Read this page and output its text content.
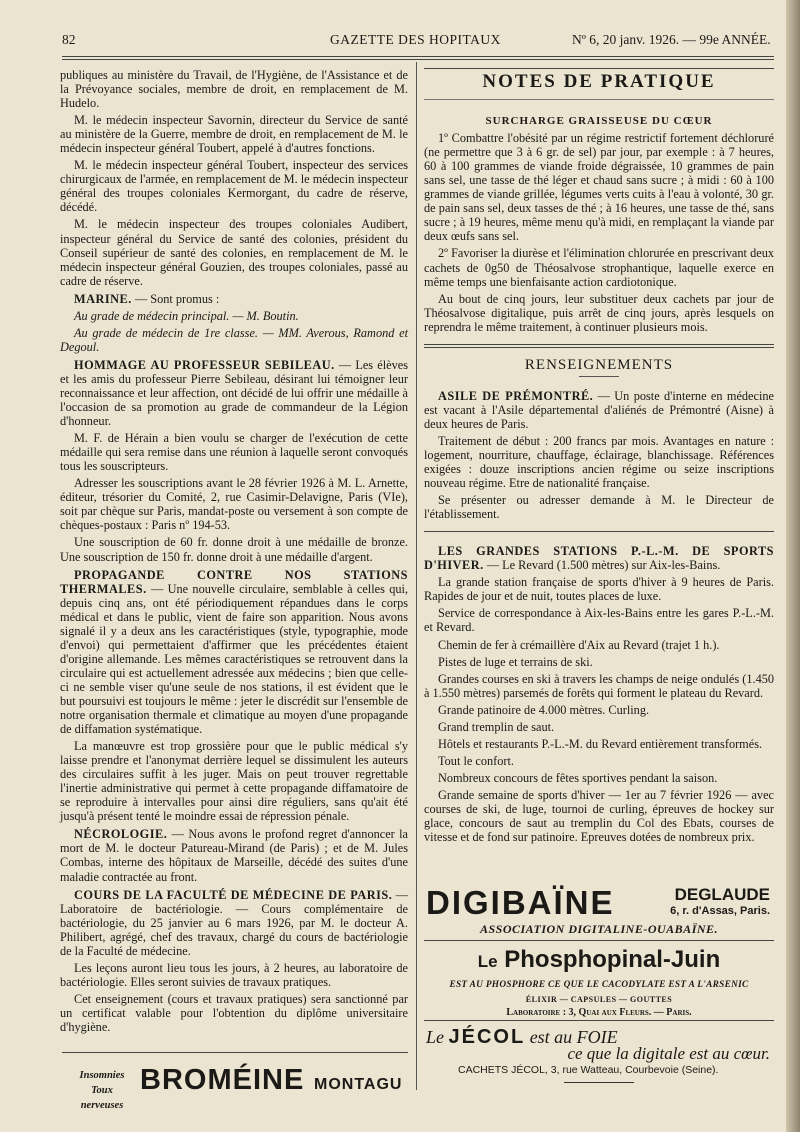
82	GAZETTE DES HOPITAUX	Nº 6, 20 janv. 1926. — 99e ANNÉE.

publiques au ministère du Travail, de l'Hygiène, de l'Assistance et de la Prévoyance sociales, membre de droit, en remplacement de M. Hudelo.

M. le médecin inspecteur Savornin, directeur du Service de santé au ministère de la Guerre, membre de droit, en remplacement de M. le médecin inspecteur général Toubert, appelé à d'autres fonctions.

M. le médecin inspecteur général Toubert, inspecteur des services chirurgicaux de l'armée, en remplacement de M. le médecin inspecteur général des troupes coloniales Kermorgant, du cadre de réserve, décédé.

M. le médecin inspecteur des troupes coloniales Audibert, inspecteur général du Service de santé des colonies, président du Conseil supérieur de santé des colonies, en remplacement de M. le médecin inspecteur général Gouzien, des troupes coloniales, passé au cadre de réserve.

MARINE. — Sont promus :

Au grade de médecin principal. — M. Boutin.

Au grade de médecin de 1re classe. — MM. Averous, Ramond et Degoul.

HOMMAGE AU PROFESSEUR SEBILEAU. — Les élèves et les amis du professeur Pierre Sebileau, désirant lui témoigner leur reconnaissance et leur affection, ont décidé de lui offrir une médaille à l'occasion de sa promotion au grade de commandeur de la Légion d'honneur.

M. F. de Hérain a bien voulu se charger de l'exécution de cette médaille qui sera remise dans une réunion à laquelle seront convoqués tous les souscripteurs.

Adresser les souscriptions avant le 28 février 1926 à M. L. Arnette, éditeur, trésorier du Comité, 2, rue Casimir-Delavigne, Paris (VIe), soit par chèque sur Paris, mandat-poste ou versement à son compte de chèques-postaux : Paris nº 194-53.

Une souscription de 60 fr. donne droit à une médaille de bronze. Une souscription de 150 fr. donne droit à une médaille d'argent.

PROPAGANDE CONTRE NOS STATIONS THERMALES. — Une nouvelle circulaire, semblable à celles qui, depuis cinq ans, ont été périodiquement répandues dans le corps médical et dans le public, vient de faire son apparition. Nous avons signalé il y a deux ans les caractéristiques (style, typographie, mode d'envoi) qui permettaient d'affirmer que les précédentes étaient d'origine allemande. Les mêmes caractéristiques se retrouvent dans la circulaire qui est actuellement adressée aux médecins ; bien que celle-ci ne semble viser qu'une seule de nos stations, il est évident que le but poursuivi est toujours le même : jeter le discrédit sur l'ensemble de notre organisation thermale et climatique au moyen d'une propagande de diffamation systématique.

La manœuvre est trop grossière pour que le public médical s'y laisse prendre et l'anonymat derrière lequel se dissimulent les auteurs des circulaires suffit à les juger. Mais on peut trouver regrettable l'inertie administrative qui permet à cette propagande diffamatoire de se reproduire à intervalles pour ainsi dire réguliers, sans qu'ait été jusqu'à présent tenté le moindre essai de répression pénale.

NÉCROLOGIE. — Nous avons le profond regret d'annoncer la mort de M. le docteur Patureau-Mirand (de Paris) ; et de M. Jules Combas, interne des hôpitaux de Marseille, décédé des suites d'une maladie contractée au front.

COURS DE LA FACULTÉ DE MÉDECINE DE PARIS. — Laboratoire de bactériologie. — Cours complémentaire de bactériologie, du 25 janvier au 6 mars 1926, par M. le docteur A. Philibert, agrégé, chef des travaux, chargé du cours de bactériologie de la Faculté de médecine.

Les leçons auront lieu tous les jours, à 2 heures, au laboratoire de bactériologie. Elles seront suivies de travaux pratiques.

Cet enseignement (cours et travaux pratiques) sera sanctionné par un certificat valable pour l'obtention du diplôme universitaire d'hygiène.

Insomnies
Toux nerveuses
BROMÉINE MONTAGU

NOTES DE PRATIQUE

SURCHARGE GRAISSEUSE DU CŒUR

1º Combattre l'obésité par un régime restrictif fortement déchloruré (ne permettre que 3 à 6 gr. de sel) par jour, par exemple : à 7 heures, 60 à 100 grammes de viande froide dégraissée, 10 grammes de pain sans sel, une tasse de thé léger et chaud sans sucre ; à midi : 60 à 100 grammes de viande grillée, légumes verts cuits à l'eau à volonté, 30 gr. de pain sans sel, deux tasses de thé ; à 16 heures, une tasse de thé, sans sucre ; à 19 heures, même menu qu'à midi, en remplaçant la viande par deux œufs sans sel.

2º Favoriser la diurèse et l'élimination chlorurée en prescrivant deux cachets de 0g50 de Théosalvose strophantique, laquelle exerce en même temps une bienfaisante action cardiotonique.

Au bout de cinq jours, leur substituer deux cachets par jour de Théosalvose digitalique, puis arrêt de cinq jours, après lesquels on reprendra le même traitement, à continuer plusieurs mois.

RENSEIGNEMENTS

ASILE DE PRÉMONTRÉ. — Un poste d'interne en médecine est vacant à l'Asile départemental d'aliénés de Prémontré (Aisne) à deux heures de Paris.

Traitement de début : 200 francs par mois. Avantages en nature : logement, nourriture, chauffage, éclairage, blanchissage. Références exigées : douze inscriptions ancien régime ou seize inscriptions nouveau régime. Etre de nationalité française.

Se présenter ou adresser demande à M. le Directeur de l'établissement.

LES GRANDES STATIONS P.-L.-M. DE SPORTS D'HIVER. — Le Revard (1.500 mètres) sur Aix-les-Bains.

La grande station française de sports d'hiver à 9 heures de Paris. Rapides de jour et de nuit, toutes places de luxe.

Service de correspondance à Aix-les-Bains entre les gares P.-L.-M. et Revard.

Chemin de fer à crémaillère d'Aix au Revard (trajet 1 h.).

Pistes de luge et terrains de ski.

Grandes courses en ski à travers les champs de neige ondulés (1.450 à 1.550 mètres) parsemés de forêts qui forment le plateau du Revard.

Grande patinoire de 4.000 mètres. Curling.

Grand tremplin de saut.

Hôtels et restaurants P.-L.-M. du Revard entièrement transformés.

Tout le confort.

Nombreux concours de fêtes sportives pendant la saison.

Grande semaine de sports d'hiver — 1er au 7 février 1926 — avec courses de ski, de luge, tournoi de curling, épreuves de hockey sur glace, concours de saut au tremplin du Col des Ebats, courses de vitesse et de fond sur patinoire. Epreuves dotées de nombreux prix.

DIGIBAÏNE	DEGLAUDE
6, r. d'Assas, Paris.
ASSOCIATION DIGITALINE-OUABAÏNE.
Le Phosphopinal-Juin
EST AU PHOSPHORE CE QUE LE CACODYLATE EST A L'ARSENIC
ÉLIXIR — CAPSULES — GOUTTES
Laboratoire : 3, Quai aux Fleurs. — Paris.
Le JÉCOL est au FOIE
ce que la digitale est au cœur.
CACHETS JÉCOL, 3, rue Watteau, Courbevoie (Seine).
